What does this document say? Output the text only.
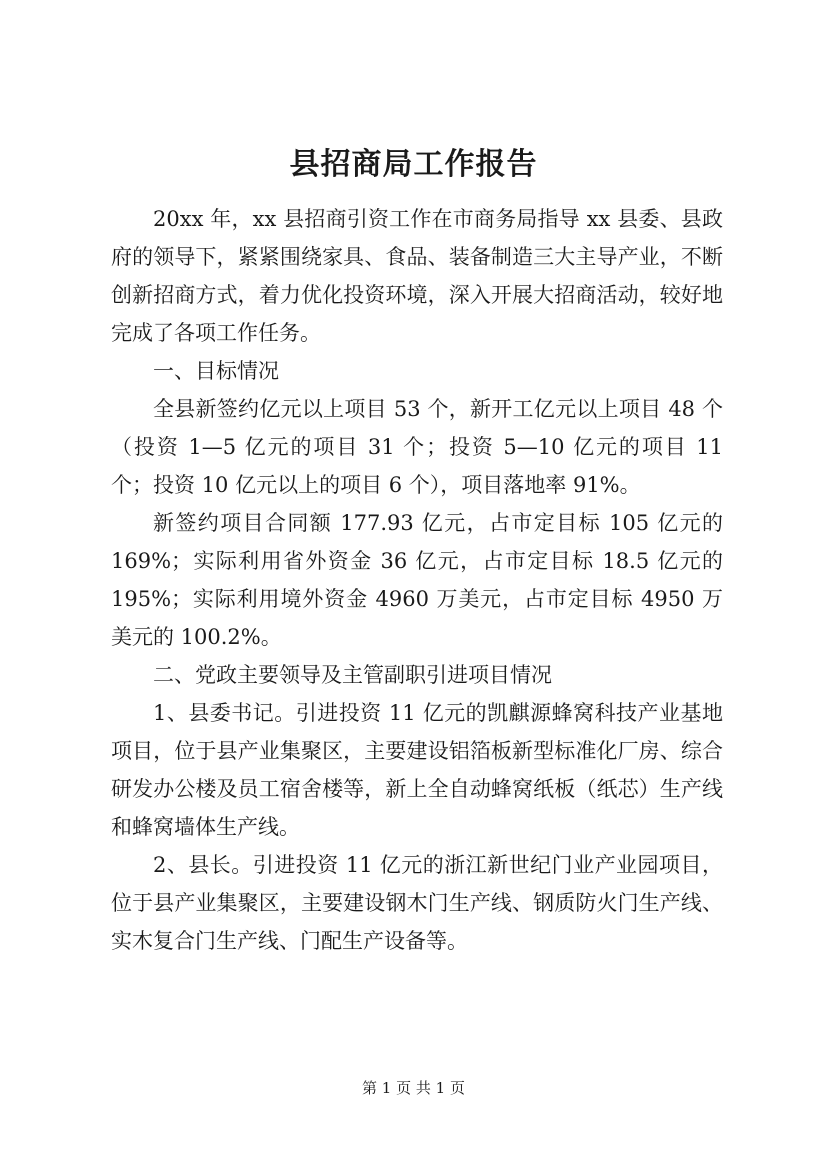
县招商局工作报告

20xx 年，xx 县招商引资工作在市商务局指导 xx 县委、县政府的领导下，紧紧围绕家具、食品、装备制造三大主导产业，不断创新招商方式，着力优化投资环境，深入开展大招商活动，较好地完成了各项工作任务。

一、目标情况

全县新签约亿元以上项目 53 个，新开工亿元以上项目 48 个（投资 1—5 亿元的项目 31 个；投资 5—10 亿元的项目 11 个；投资 10 亿元以上的项目 6 个），项目落地率 91%。

新签约项目合同额 177.93 亿元，占市定目标 105 亿元的 169%；实际利用省外资金 36 亿元，占市定目标 18.5 亿元的 195%；实际利用境外资金 4960 万美元，占市定目标 4950 万美元的 100.2%。

二、党政主要领导及主管副职引进项目情况

1、县委书记。引进投资 11 亿元的凯麒源蜂窝科技产业基地项目，位于县产业集聚区，主要建设铝箔板新型标准化厂房、综合研发办公楼及员工宿舍楼等，新上全自动蜂窝纸板（纸芯）生产线和蜂窝墙体生产线。

2、县长。引进投资 11 亿元的浙江新世纪门业产业园项目，位于县产业集聚区，主要建设钢木门生产线、钢质防火门生产线、实木复合门生产线、门配生产设备等。

第 1 页 共 1 页
